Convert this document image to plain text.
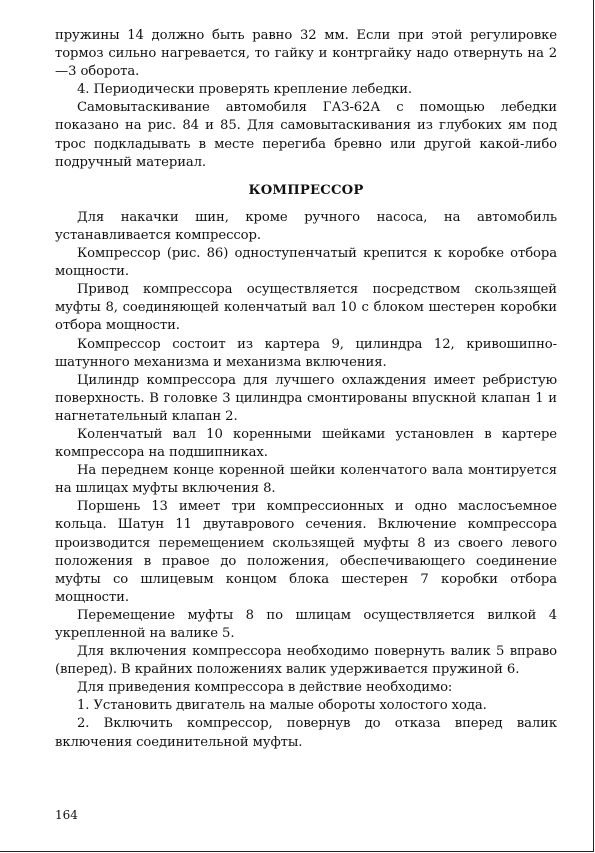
пружины 14 должно быть равно 32 мм. Если при этой регулировке тормоз сильно нагревается, то гайку и контргайку надо отвернуть на 2—3 оборота.

4. Периодически проверять крепление лебедки.

Самовытаскивание автомобиля ГАЗ-62А с помощью лебедки показано на рис. 84 и 85. Для самовытаскивания из глубоких ям под трос подкладывать в месте перегиба бревно или другой какой-либо подручный материал.

КОМПРЕССОР

Для накачки шин, кроме ручного насоса, на автомобиль устанавливается компрессор.

Компрессор (рис. 86) одноступенчатый крепится к коробке отбора мощности.

Привод компрессора осуществляется посредством скользящей муфты 8, соединяющей коленчатый вал 10 с блоком шестерен коробки отбора мощности.

Компрессор состоит из картера 9, цилиндра 12, кривошипно-шатунного механизма и механизма включения.

Цилиндр компрессора для лучшего охлаждения имеет ребристую поверхность. В головке 3 цилиндра смонтированы впускной клапан 1 и нагнетательный клапан 2.

Коленчатый вал 10 коренными шейками установлен в картере компрессора на подшипниках.

На переднем конце коренной шейки коленчатого вала монтируется на шлицах муфты включения 8.

Поршень 13 имеет три компрессионных и одно маслосъемное кольца. Шатун 11 двутаврового сечения. Включение компрессора производится перемещением скользящей муфты 8 из своего левого положения в правое до положения, обеспечивающего соединение муфты со шлицевым концом блока шестерен 7 коробки отбора мощности.

Перемещение муфты 8 по шлицам осуществляется вилкой 4 укрепленной на валике 5.

Для включения компрессора необходимо повернуть валик 5 вправо (вперед). В крайних положениях валик удерживается пружиной 6.

Для приведения компрессора в действие необходимо:

1. Установить двигатель на малые обороты холостого хода.

2. Включить компрессор, повернув до отказа вперед валик включения соединительной муфты.

164
